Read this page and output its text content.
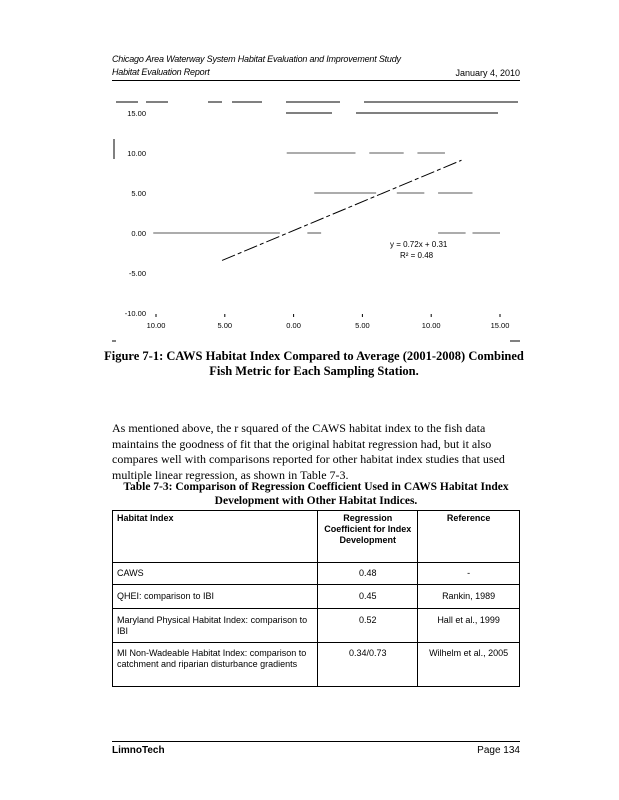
Chicago Area Waterway System Habitat Evaluation and Improvement Study
Habitat Evaluation Report	January 4, 2010
15.00
10.00
5.00
0.00
-5.00
-10.00
10.00	5.00	0.00	5.00	10.00	15.00
y = 0.72x + 0.31
R² = 0.48
Figure 7-1: CAWS Habitat Index Compared to Average (2001-2008) Combined
Fish Metric for Each Sampling Station.
As mentioned above, the r squared of the CAWS habitat index to the fish data maintains the goodness of fit that the original habitat regression had, but it also compares well with comparisons reported for other habitat index studies that used multiple linear regression, as shown in Table 7-3.
Table 7-3: Comparison of Regression Coefficient Used in CAWS Habitat Index
Development with Other Habitat Indices.
Habitat Index	Regression Coefficient for Index Development	Reference
CAWS	0.48	-
QHEI: comparison to IBI	0.45	Rankin, 1989
Maryland Physical Habitat Index: comparison to IBI	0.52	Hall et al., 1999
MI Non-Wadeable Habitat Index: comparison to catchment and riparian disturbance gradients	0.34/0.73	Wilhelm et al., 2005
LimnoTech	Page 134
